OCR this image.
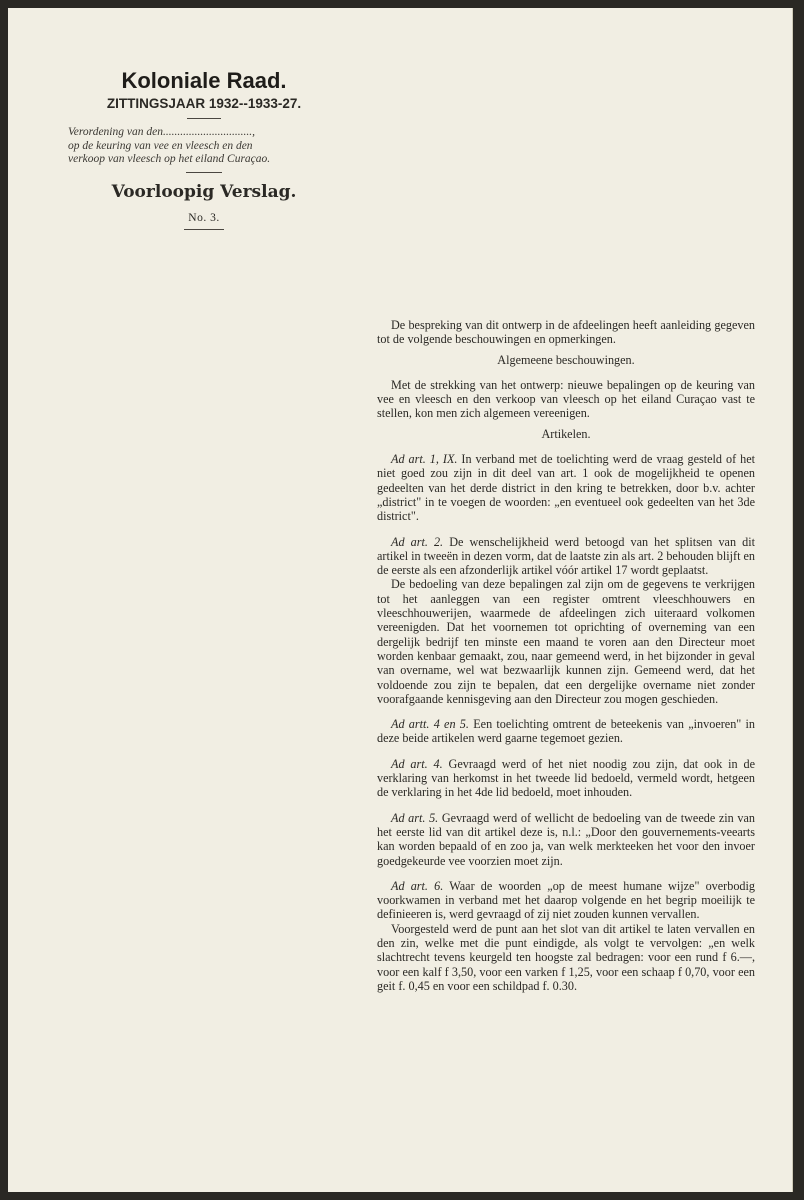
Koloniale Raad.
ZITTINGSJAAR 1932--1933-27.
Verordening van den...............................,
op de keuring van vee en vleesch en den
verkoop van vleesch op het eiland Curaçao.
Voorloopig Verslag.
No. 3.

De bespreking van dit ontwerp in de afdeelingen heeft aanleiding gegeven tot de volgende beschouwingen en opmerkingen.

Algemeene beschouwingen.

Met de strekking van het ontwerp: nieuwe bepalingen op de keuring van vee en vleesch en den verkoop van vleesch op het eiland Curaçao vast te stellen, kon men zich algemeen vereenigen.

Artikelen.

Ad art. 1, IX. In verband met de toelichting werd de vraag gesteld of het niet goed zou zijn in dit deel van art. 1 ook de mogelijkheid te openen gedeelten van het derde district in den kring te betrekken, door b.v. achter „district" in te voegen de woorden: „en eventueel ook gedeelten van het 3de district".

Ad art. 2. De wenschelijkheid werd betoogd van het splitsen van dit artikel in tweeën in dezen vorm, dat de laatste zin als art. 2 behouden blijft en de eerste als een afzonderlijk artikel vóór artikel 17 wordt geplaatst.

De bedoeling van deze bepalingen zal zijn om de gegevens te verkrijgen tot het aanleggen van een register omtrent vleeschhouwers en vleeschhouwerijen, waarmede de afdeelingen zich uiteraard volkomen vereenigden. Dat het voornemen tot oprichting of overneming van een dergelijk bedrijf ten minste een maand te voren aan den Directeur moet worden kenbaar gemaakt, zou, naar gemeend werd, in het bijzonder in geval van overname, wel wat bezwaarlijk kunnen zijn. Gemeend werd, dat het voldoende zou zijn te bepalen, dat een dergelijke overname niet zonder voorafgaande kennisgeving aan den Directeur zou mogen geschieden.

Ad artt. 4 en 5. Een toelichting omtrent de beteekenis van „invoeren" in deze beide artikelen werd gaarne tegemoet gezien.

Ad art. 4. Gevraagd werd of het niet noodig zou zijn, dat ook in de verklaring van herkomst in het tweede lid bedoeld, vermeld wordt, hetgeen de verklaring in het 4de lid bedoeld, moet inhouden.

Ad art. 5. Gevraagd werd of wellicht de bedoeling van de tweede zin van het eerste lid van dit artikel deze is, n.l.: „Door den gouvernements-veearts kan worden bepaald of en zoo ja, van welk merkteeken het voor den invoer goedgekeurde vee voorzien moet zijn.

Ad art. 6. Waar de woorden „op de meest humane wijze" overbodig voorkwamen in verband met het daarop volgende en het begrip moeilijk te definieeren is, werd gevraagd of zij niet zouden kunnen vervallen.

Voorgesteld werd de punt aan het slot van dit artikel te laten vervallen en den zin, welke met die punt eindigde, als volgt te vervolgen: „en welk slachtrecht tevens keurgeld ten hoogste zal bedragen: voor een rund f 6.—, voor een kalf f 3,50, voor een varken f 1,25, voor een schaap f 0,70, voor een geit f. 0,45 en voor een schildpad f. 0.30.
